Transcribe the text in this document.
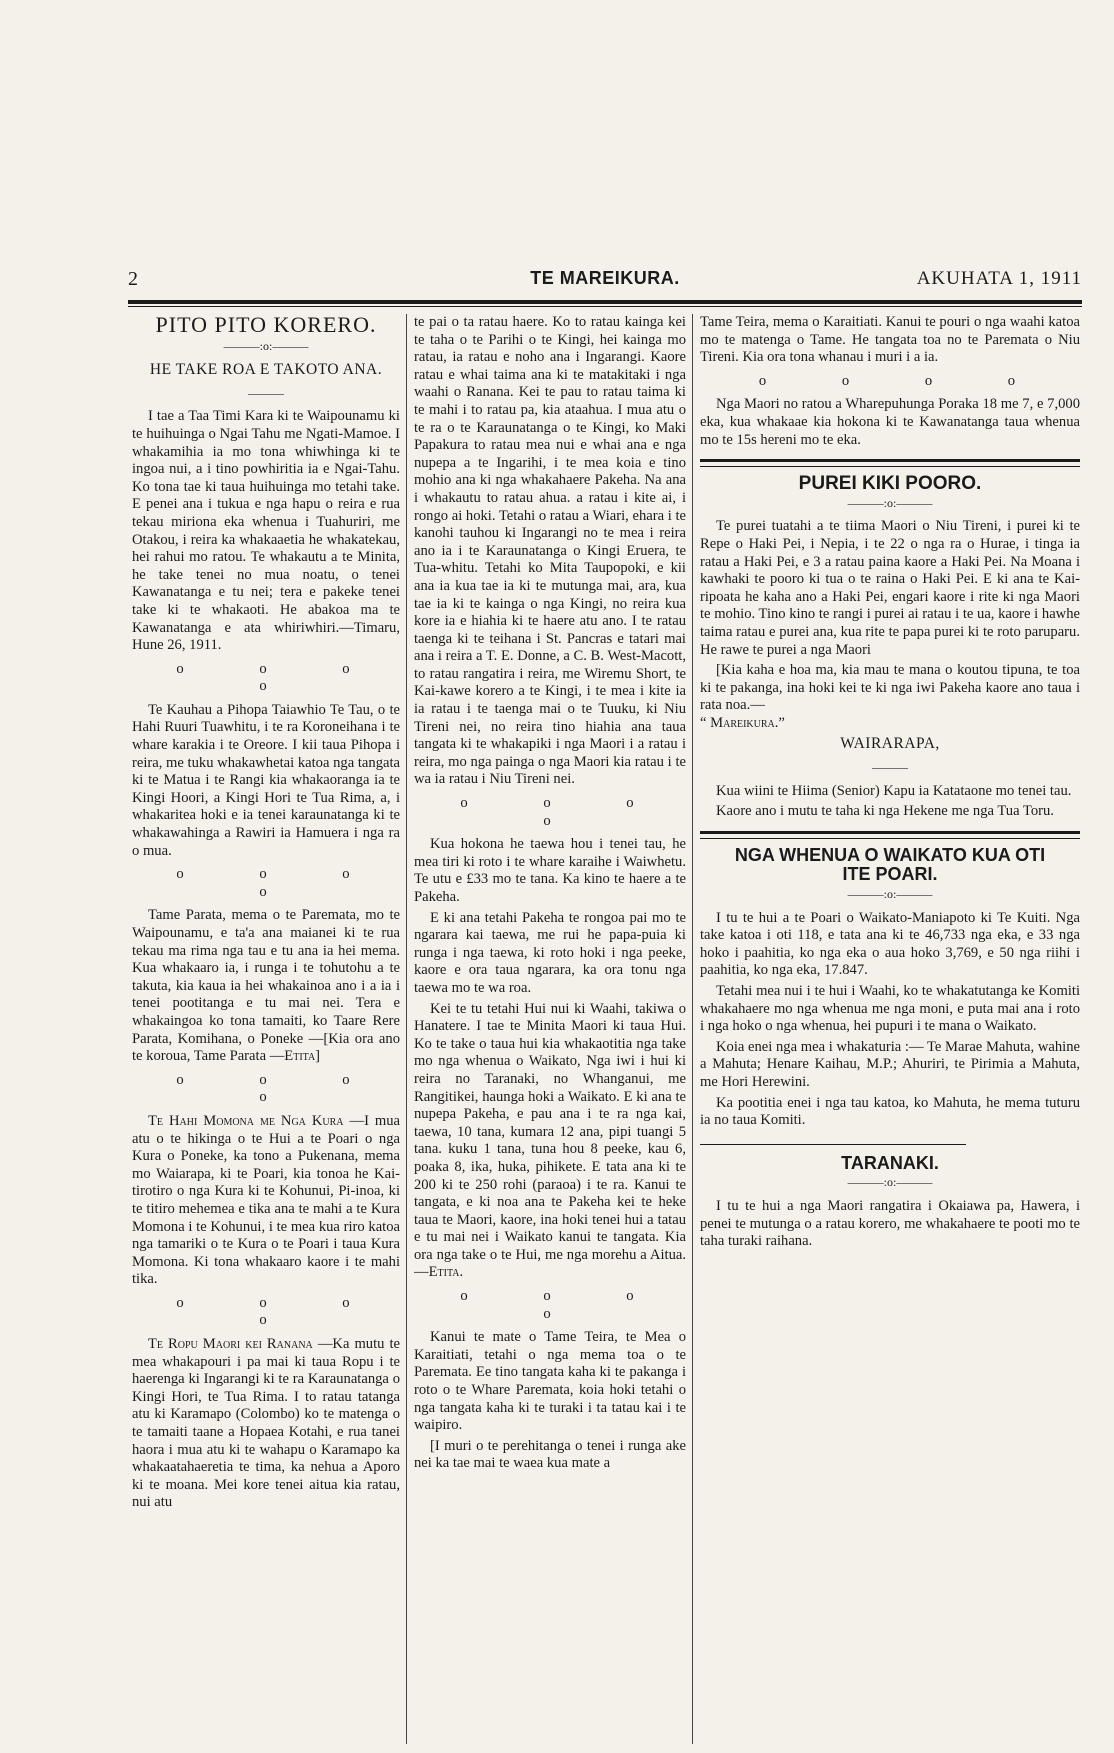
2	TE MAREIKURA.	AKUHATA 1, 1911
PITO PITO KORERO.
———:o:———
HE TAKE ROA E TAKOTO ANA.
———

I tae a Taa Timi Kara ki te Waipounamu ki te huihuinga o Ngai Tahu me Ngati-Mamoe. I whakamihia ia mo tona whiwhinga ki te ingoa nui, a i tino powhiritia ia e Ngai-Tahu. Ko tona tae ki taua huihuinga mo tetahi take. E penei ana i tukua e nga hapu o reira e rua tekau miriona eka whenua i Tuahuriri, me Otakou, i reira ka whakaaetia he whakatekau, hei rahui mo ratou. Te whakautu a te Minita, he take tenei no mua noatu, o tenei Kawanatanga e tu nei; tera e pakeke tenei take ki te whakaoti. He abakoa ma te Kawanatanga e ata whiriwhiri.—Timaru, Hune 26, 1911.

o o o o

Te Kauhau a Pihopa Taiawhio Te Tau, o te Hahi Ruuri Tuawhitu, i te ra Koroneihana i te whare karakia i te Oreore. I kii taua Pihopa i reira, me tuku whakawhetai katoa nga tangata ki te Matua i te Rangi kia whakaoranga ia te Kingi Hoori, a Kingi Hori te Tua Rima, a, i whakaritea hoki e ia tenei karaunatanga ki te whakawahinga a Rawiri ia Hamuera i nga ra o mua.

o o o o

Tame Parata, mema o te Paremata, mo te Waipounamu, e ta'a ana maianei ki te rua tekau ma rima nga tau e tu ana ia hei mema. Kua whakaaro ia, i runga i te tohutohu a te takuta, kia kaua ia hei whakainoa ano i a ia i tenei pootitanga e tu mai nei. Tera e whakaingoa ko tona tamaiti, ko Taare Rere Parata, Komihana, o Poneke —[Kia ora ano te koroua, Tame Parata —Etita]

o o o o

Te Hahi Momona me Nga Kura —I mua atu o te hikinga o te Hui a te Poari o nga Kura o Poneke, ka tono a Pukenana, mema mo Waiarapa, ki te Poari, kia tonoa he Kai-tirotiro o nga Kura ki te Kohunui, Pi-inoa, ki te titiro mehemea e tika ana te mahi a te Kura Momona i te Kohunui, i te mea kua riro katoa nga tamariki o te Kura o te Poari i taua Kura Momona. Ki tona whakaaro kaore i te mahi tika.

o o o o

Te Ropu Maori kei Ranana —Ka mutu te mea whakapouri i pa mai ki taua Ropu i te haerenga ki Ingarangi ki te ra Karaunatanga o Kingi Hori, te Tua Rima. I to ratau tatanga atu ki Karamapo (Colombo) ko te matenga o te tamaiti taane a Hopaea Kotahi, e rua tanei haora i mua atu ki te wahapu o Karamapo ka whakaatahaeretia te tima, ka nehua a Aporo ki te moana. Mei kore tenei aitua kia ratau, nui atu

te pai o ta ratau haere. Ko to ratau kainga kei te taha o te Parihi o te Kingi, hei kainga mo ratau, ia ratau e noho ana i Ingarangi. Kaore ratau e whai taima ana ki te matakitaki i nga waahi o Ranana. Kei te pau to ratau taima ki te mahi i to ratau pa, kia ataahua. I mua atu o te ra o te Karaunatanga o te Kingi, ko Maki Papakura to ratau mea nui e whai ana e nga nupepa a te Ingarihi, i te mea koia e tino mohio ana ki nga whakahaere Pakeha. Na ana i whakautu to ratau ahua. a ratau i kite ai, i rongo ai hoki. Tetahi o ratau a Wiari, ehara i te kanohi tauhou ki Ingarangi no te mea i reira ano ia i te Karaunatanga o Kingi Eruera, te Tua-whitu. Tetahi ko Mita Taupopoki, e kii ana ia kua tae ia ki te mutunga mai, ara, kua tae ia ki te kainga o nga Kingi, no reira kua kore ia e hiahia ki te haere atu ano. I te ratau taenga ki te teihana i St. Pancras e tatari mai ana i reira a T. E. Donne, a C. B. West-Macott, to ratau rangatira i reira, me Wiremu Short, te Kai-kawe korero a te Kingi, i te mea i kite ia ia ratau i te taenga mai o te Tuuku, ki Niu Tireni nei, no reira tino hiahia ana taua tangata ki te whakapiki i nga Maori i a ratau i reira, mo nga painga o nga Maori kia ratau i te wa ia ratau i Niu Tireni nei.

o o o o

Kua hokona he taewa hou i tenei tau, he mea tiri ki roto i te whare karaihe i Waiwhetu. Te utu e £33 mo te tana. Ka kino te haere a te Pakeha.

E ki ana tetahi Pakeha te rongoa pai mo te ngarara kai taewa, me rui he papa-puia ki runga i nga taewa, ki roto hoki i nga peeke, kaore e ora taua ngarara, ka ora tonu nga taewa mo te wa roa.

Kei te tu tetahi Hui nui ki Waahi, takiwa o Hanatere. I tae te Minita Maori ki taua Hui. Ko te take o taua hui kia whakaotitia nga take mo nga whenua o Waikato, Nga iwi i hui ki reira no Taranaki, no Whanganui, me Rangitikei, haunga hoki a Waikato. E ki ana te nupepa Pakeha, e pau ana i te ra nga kai, taewa, 10 tana, kumara 12 ana, pipi tuangi 5 tana. kuku 1 tana, tuna hou 8 peeke, kau 6, poaka 8, ika, huka, pihikete. E tata ana ki te 200 ki te 250 rohi (paraoa) i te ra. Kanui te tangata, e ki noa ana te Pakeha kei te heke taua te Maori, kaore, ina hoki tenei hui a tatau e tu mai nei i Waikato kanui te tangata. Kia ora nga take o te Hui, me nga morehu a Aitua.—Etita.

o o o o

Kanui te mate o Tame Teira, te Mea o Karaitiati, tetahi o nga mema toa o te Paremata. Ee tino tangata kaha ki te pakanga i roto o te Whare Paremata, koia hoki tetahi o nga tangata kaha ki te turaki i ta tatau kai i te waipiro.

[I muri o te perehitanga o tenei i runga ake nei ka tae mai te waea kua mate a

Tame Teira, mema o Karaitiati. Kanui te pouri o nga waahi katoa mo te matenga o Tame. He tangata toa no te Paremata o Niu Tireni. Kia ora tona whanau i muri i a ia.

o o o o

Nga Maori no ratou a Wharepuhunga Poraka 18 me 7, e 7,000 eka, kua whakaae kia hokona ki te Kawanatanga taua whenua mo te 15s hereni mo te eka.

PUREI KIKI POORO.
———:o:———

Te purei tuatahi a te tiima Maori o Niu Tireni, i purei ki te Repe o Haki Pei, i Nepia, i te 22 o nga ra o Hurae, i tinga ia ratau a Haki Pei, e 3 a ratau paina kaore a Haki Pei. Na Moana i kawhaki te pooro ki tua o te raina o Haki Pei. E ki ana te Kai-ripoata he kaha ano a Haki Pei, engari kaore i rite ki nga Maori te mohio. Tino kino te rangi i purei ai ratau i te ua, kaore i hawhe taima ratau e purei ana, kua rite te papa purei ki te roto paruparu. He rawe te purei a nga Maori

[Kia kaha e hoa ma, kia mau te mana o koutou tipuna, te toa ki te pakanga, ina hoki kei te ki nga iwi Pakeha kaore ano taua i rata noa.—
“ Mareikura.”

WAIRARAPA,
———

Kua wiini te Hiima (Senior) Kapu ia Katataone mo tenei tau.

Kaore ano i mutu te taha ki nga Hekene me nga Tua Toru.

NGA WHENUA O WAIKATO KUA OTI
ITE POARI.
———:o:———

I tu te hui a te Poari o Waikato-Maniapoto ki Te Kuiti. Nga take katoa i oti 118, e tata ana ki te 46,733 nga eka, e 33 nga hoko i paahitia, ko nga eka o aua hoko 3,769, e 50 nga riihi i paahitia, ko nga eka, 17.847.

Tetahi mea nui i te hui i Waahi, ko te whakatutanga ke Komiti whakahaere mo nga whenua me nga moni, e puta mai ana i roto i nga hoko o nga whenua, hei pupuri i te mana o Waikato.

Koia enei nga mea i whakaturia :— Te Marae Mahuta, wahine a Mahuta; Henare Kaihau, M.P.; Ahuriri, te Pirimia a Mahuta, me Hori Herewini.

Ka pootitia enei i nga tau katoa, ko Mahuta, he mema tuturu ia no taua Komiti.

TARANAKI.
———:o:———

I tu te hui a nga Maori rangatira i Okaiawa pa, Hawera, i penei te mutunga o a ratau korero, me whakahaere te pooti mo te taha turaki raihana.
